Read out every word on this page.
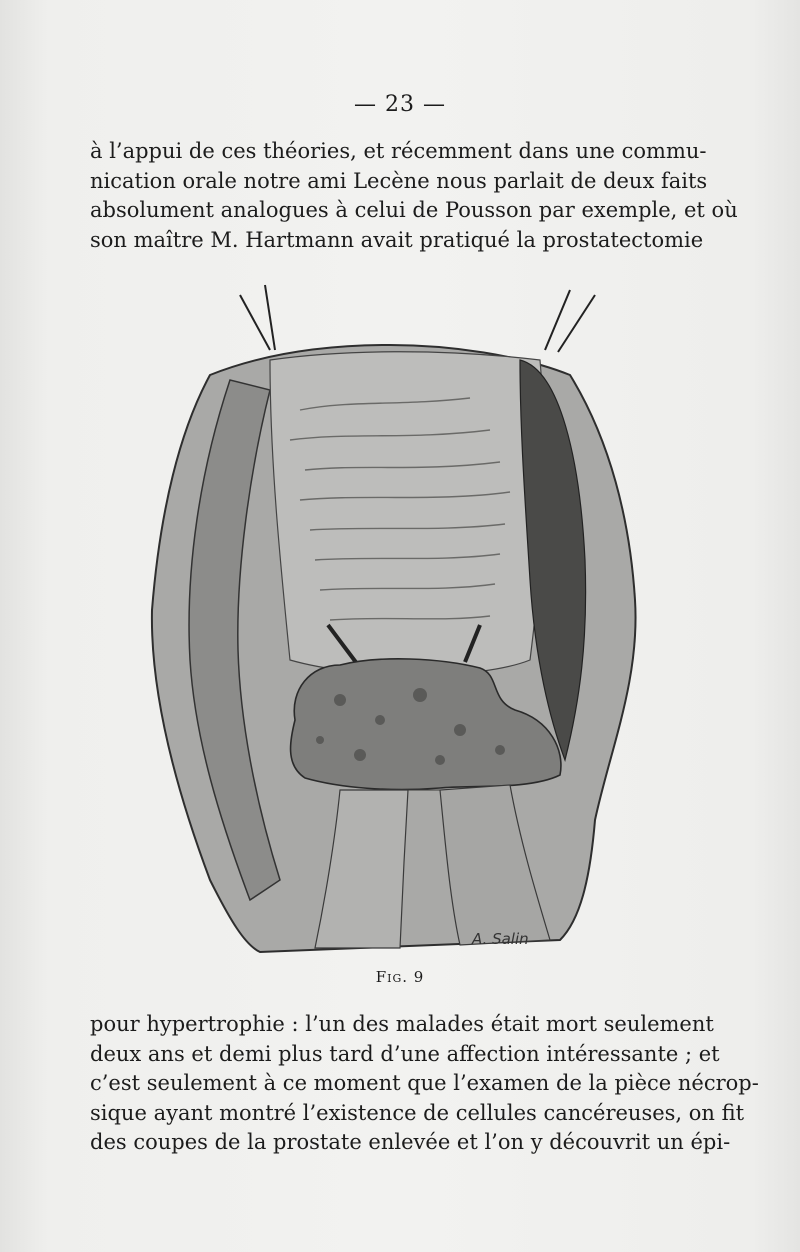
— 23 —
à l’appui de ces théories, et récemment dans une commu-
nication orale notre ami Lecène nous parlait de deux faits
absolument analogues à celui de Pousson par exemple, et où
son maître M. Hartmann avait pratiqué la prostatectomie
A. Salin
Fig. 9
pour hypertrophie : l’un des malades était mort seulement
deux ans et demi plus tard d’une affection intéressante ; et
c’est seulement à ce moment que l’examen de la pièce nécrop-
sique ayant montré l’existence de cellules cancéreuses, on fit
des coupes de la prostate enlevée et l’on y découvrit un épi-
